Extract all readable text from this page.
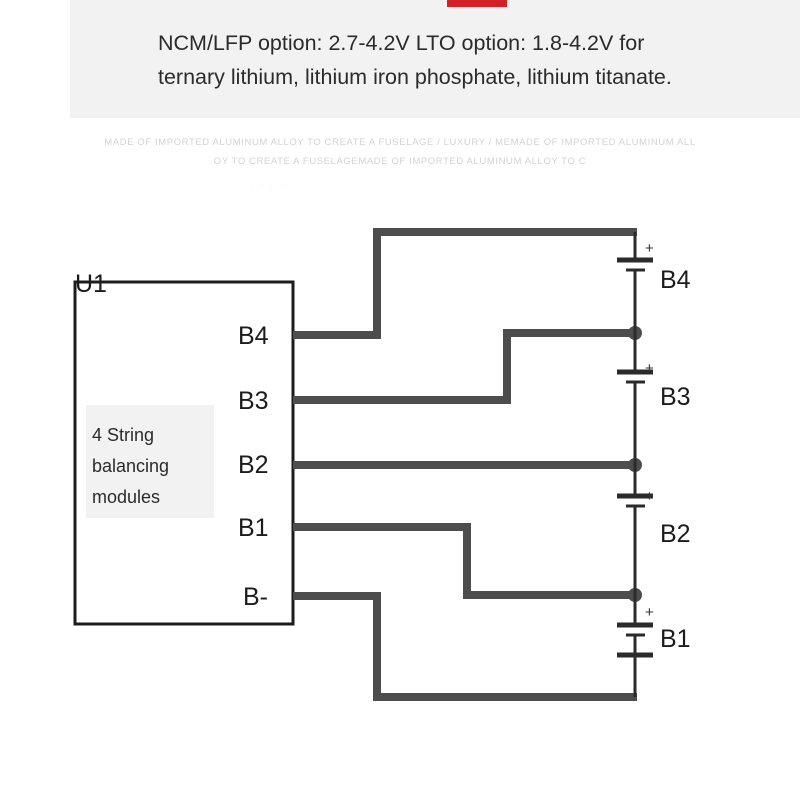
NCM/LFP option: 2.7-4.2V LTO option: 1.8-4.2V for
ternary lithium, lithium iron phosphate, lithium titanate.
MADE OF IMPORTED ALUMINUM ALLOY TO CREATE A FUSELAGE / LUXURY / MEMADE OF IMPORTED ALUMINUM ALL
OY TO CREATE A FUSELAGEMADE OF IMPORTED ALUMINUM ALLOY TO C
. . . .
U1
4 String
balancing
modules
B4
B3
B2
B1
B-
B4
B3
B2
B1
+
+
+
+
